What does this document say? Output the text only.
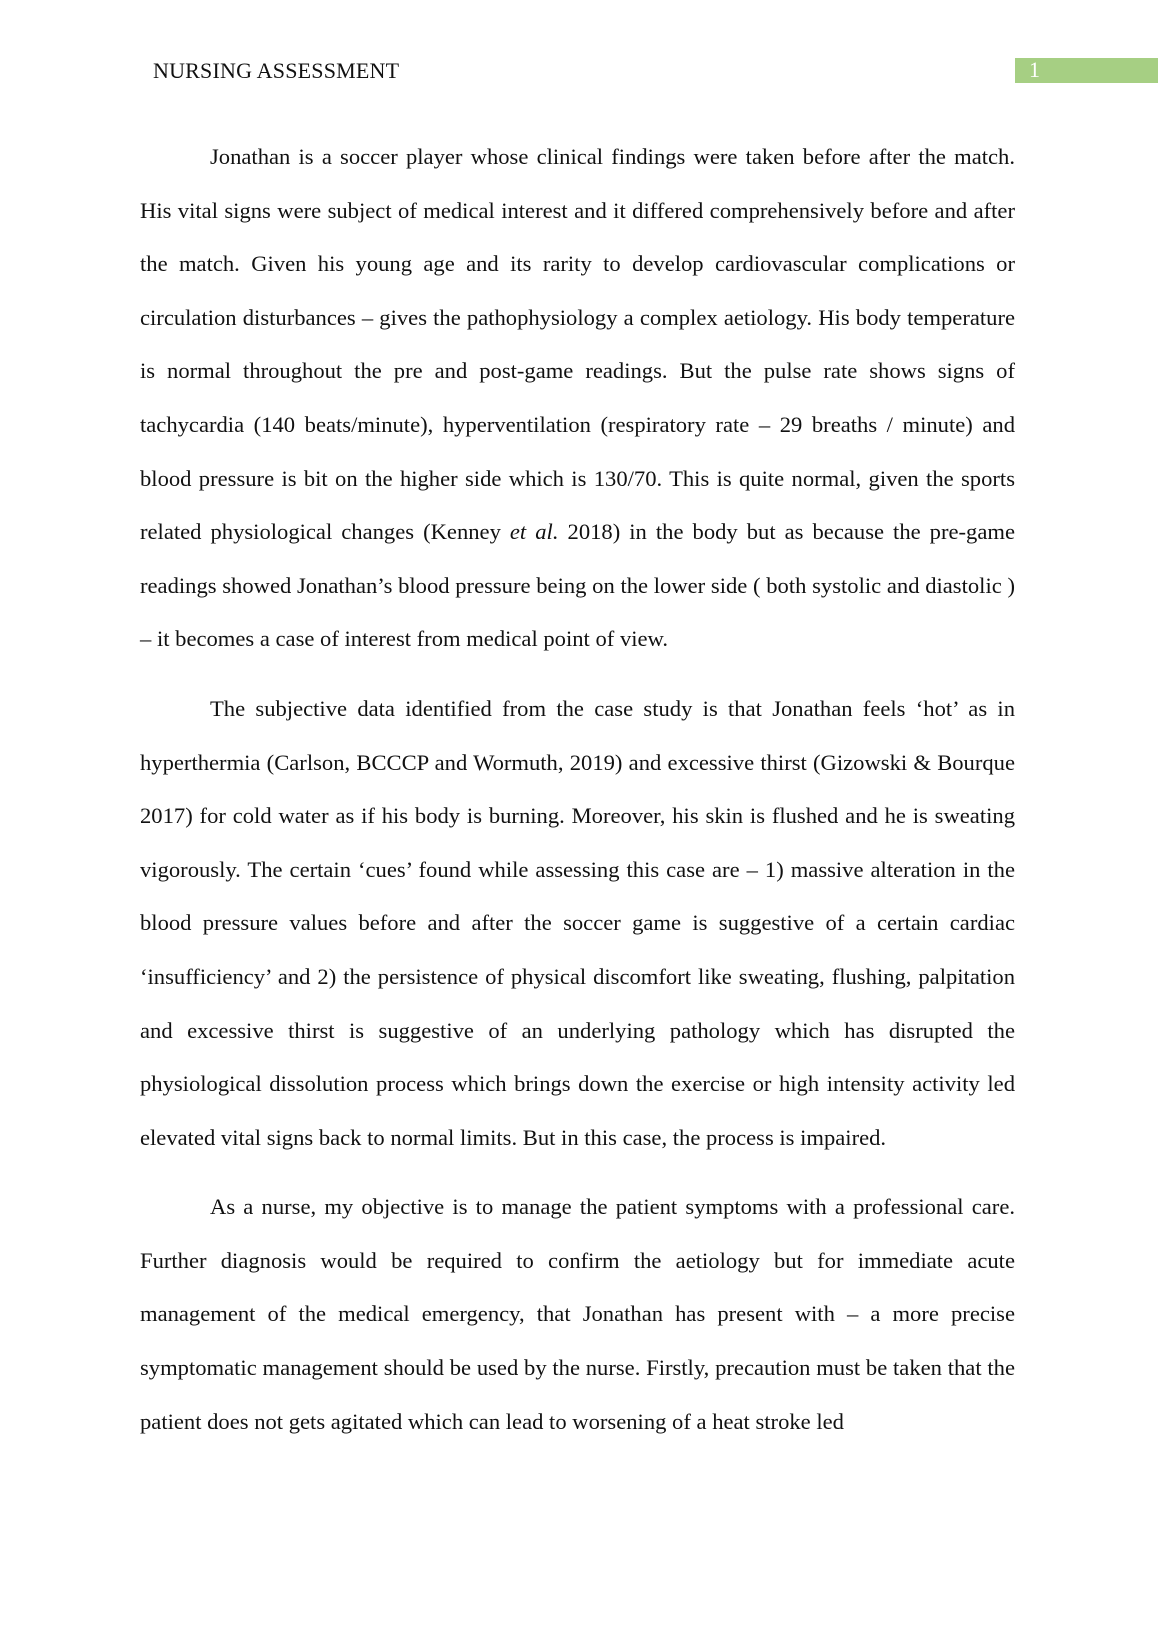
NURSING ASSESSMENT	1

Jonathan is a soccer player whose clinical findings were taken before after the match. His vital signs were subject of medical interest and it differed comprehensively before and after the match. Given his young age and its rarity to develop cardiovascular complications or circulation disturbances – gives the pathophysiology a complex aetiology. His body temperature is normal throughout the pre and post-game readings. But the pulse rate shows signs of tachycardia (140 beats/minute), hyperventilation (respiratory rate – 29 breaths / minute) and blood pressure is bit on the higher side which is 130/70. This is quite normal, given the sports related physiological changes (Kenney et al. 2018) in the body but as because the pre-game readings showed Jonathan’s blood pressure being on the lower side ( both systolic and diastolic ) – it becomes a case of interest from medical point of view.

The subjective data identified from the case study is that Jonathan feels ‘hot’ as in hyperthermia (Carlson, BCCCP and Wormuth, 2019) and excessive thirst (Gizowski & Bourque 2017) for cold water as if his body is burning. Moreover, his skin is flushed and he is sweating vigorously. The certain ‘cues’ found while assessing this case are – 1) massive alteration in the blood pressure values before and after the soccer game is suggestive of a certain cardiac ‘insufficiency’ and 2) the persistence of physical discomfort like sweating, flushing, palpitation and excessive thirst is suggestive of an underlying pathology which has disrupted the physiological dissolution process which brings down the exercise or high intensity activity led elevated vital signs back to normal limits. But in this case, the process is impaired.

As a nurse, my objective is to manage the patient symptoms with a professional care. Further diagnosis would be required to confirm the aetiology but for immediate acute management of the medical emergency, that Jonathan has present with – a more precise symptomatic management should be used by the nurse. Firstly, precaution must be taken that the patient does not gets agitated which can lead to worsening of a heat stroke led
